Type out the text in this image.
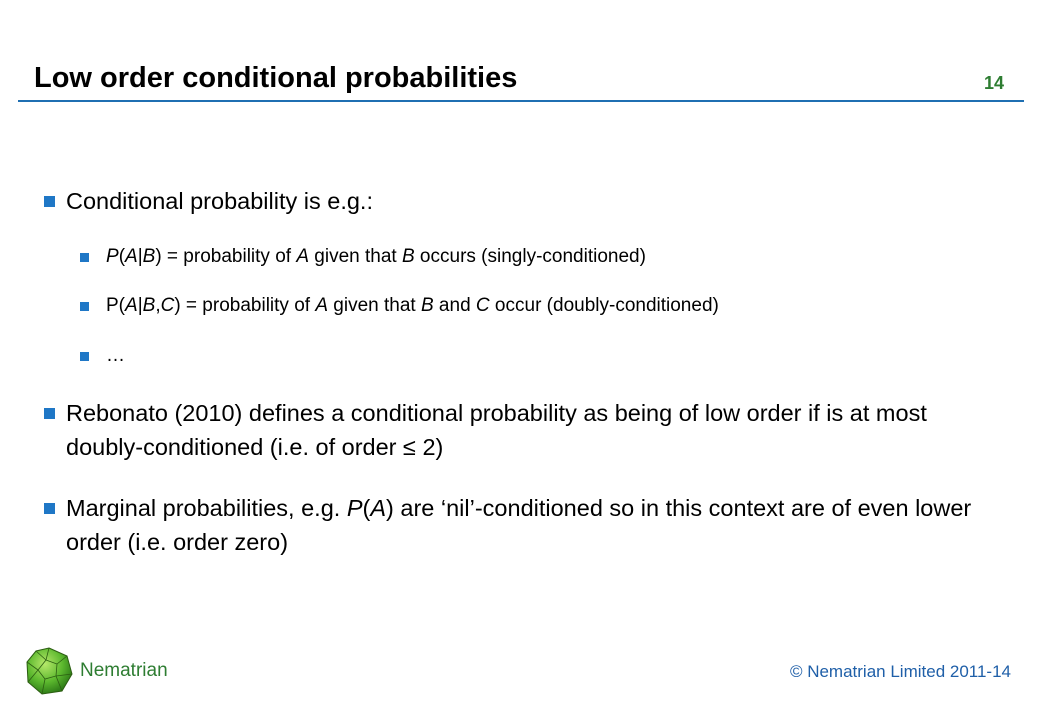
Low order conditional probabilities	14
Conditional probability is e.g.:
P(A|B) = probability of A given that B occurs (singly-conditioned)
P(A|B,C) = probability of A given that B and C occur (doubly-conditioned)
…
Rebonato (2010) defines a conditional probability as being of low order if is at most doubly-conditioned (i.e. of order ≤ 2)
Marginal probabilities, e.g. P(A) are ‘nil’-conditioned so in this context are of even lower order (i.e. order zero)
Nematrian	© Nematrian Limited 2011-14
